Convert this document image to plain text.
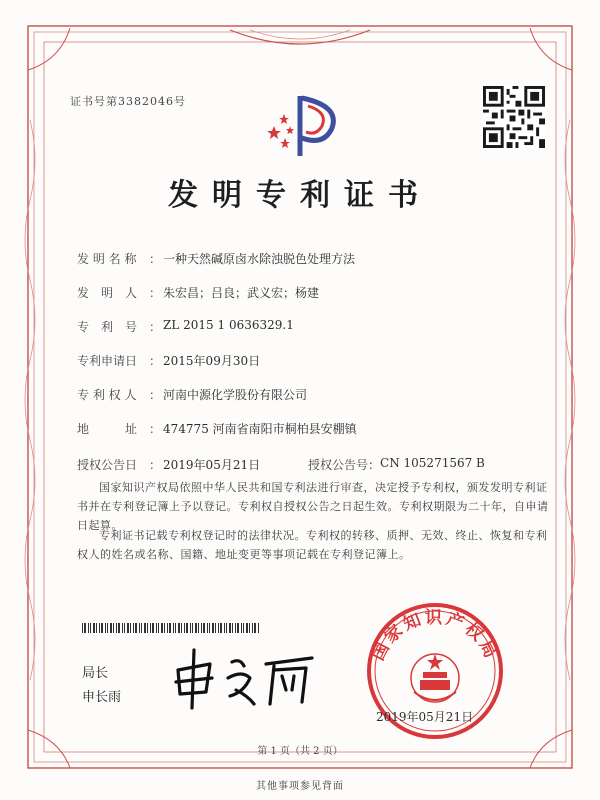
证书号第3382046号
发明专利证书
发 明 名 称	： 一种天然碱原卤水除浊脱色处理方法
发　明　人 ： 朱宏昌；吕良；武义宏；杨建
专　利　号 ： ZL 2015 1 0636329.1
专利申请日 ： 2015年09月30日
专 利 权 人	： 河南中源化学股份有限公司
地　　　址 ： 474775 河南省南阳市桐柏县安棚镇
授权公告日 ： 2019年05月21日	授权公告号 ： CN 105271567 B
国家知识产权局依照中华人民共和国专利法进行审查，决定授予专利权，颁发发明专利证书并在专利登记簿上予以登记。专利权自授权公告之日起生效。专利权期限为二十年，自申请日起算。
专利证书记载专利权登记时的法律状况。专利权的转移、质押、无效、终止、恢复和专利权人的姓名或名称、国籍、地址变更等事项记载在专利登记簿上。
局长
申长雨
国家知识产权局
2019年05月21日
第 1 页（共 2 页）
其他事项参见背面
